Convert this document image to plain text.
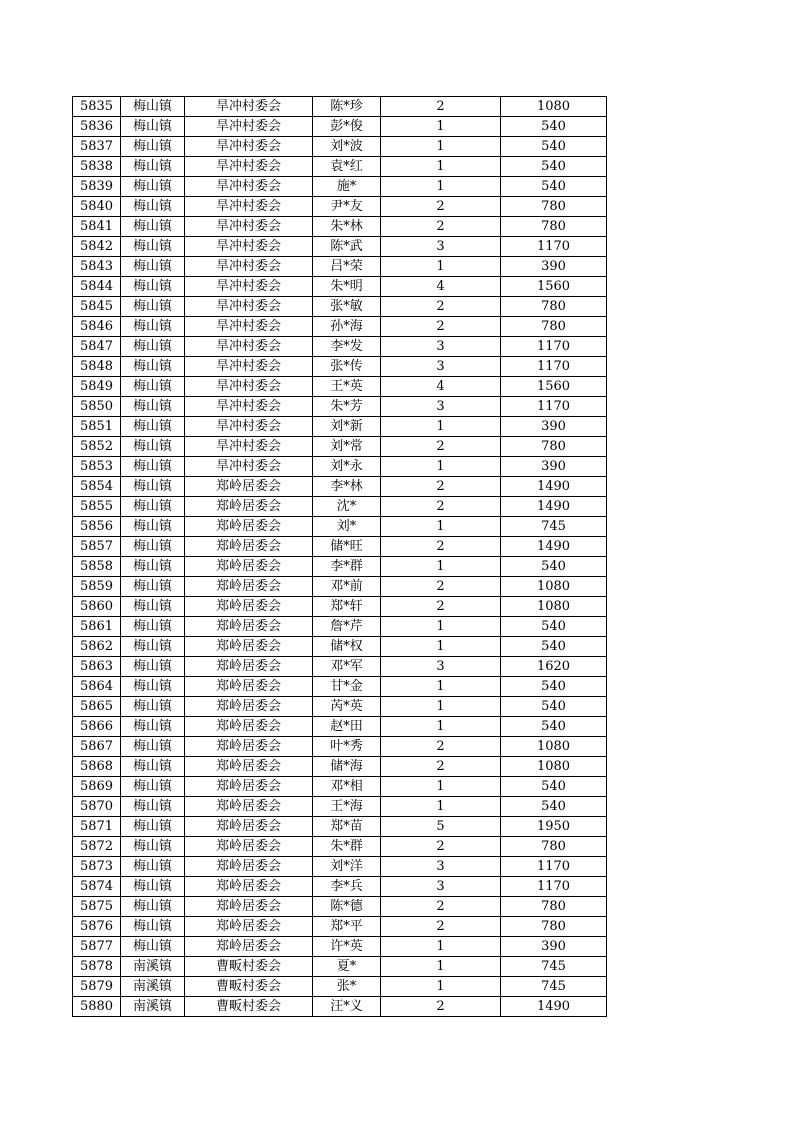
5835	梅山镇	旱冲村委会	陈*珍	2	1080
5836	梅山镇	旱冲村委会	彭*俊	1	540
5837	梅山镇	旱冲村委会	刘*波	1	540
5838	梅山镇	旱冲村委会	袁*红	1	540
5839	梅山镇	旱冲村委会	施*	1	540
5840	梅山镇	旱冲村委会	尹*友	2	780
5841	梅山镇	旱冲村委会	朱*林	2	780
5842	梅山镇	旱冲村委会	陈*武	3	1170
5843	梅山镇	旱冲村委会	吕*荣	1	390
5844	梅山镇	旱冲村委会	朱*明	4	1560
5845	梅山镇	旱冲村委会	张*敏	2	780
5846	梅山镇	旱冲村委会	孙*海	2	780
5847	梅山镇	旱冲村委会	李*发	3	1170
5848	梅山镇	旱冲村委会	张*传	3	1170
5849	梅山镇	旱冲村委会	王*英	4	1560
5850	梅山镇	旱冲村委会	朱*芳	3	1170
5851	梅山镇	旱冲村委会	刘*新	1	390
5852	梅山镇	旱冲村委会	刘*常	2	780
5853	梅山镇	旱冲村委会	刘*永	1	390
5854	梅山镇	郑岭居委会	李*林	2	1490
5855	梅山镇	郑岭居委会	沈*	2	1490
5856	梅山镇	郑岭居委会	刘*	1	745
5857	梅山镇	郑岭居委会	储*旺	2	1490
5858	梅山镇	郑岭居委会	李*群	1	540
5859	梅山镇	郑岭居委会	邓*前	2	1080
5860	梅山镇	郑岭居委会	郑*轩	2	1080
5861	梅山镇	郑岭居委会	詹*芹	1	540
5862	梅山镇	郑岭居委会	储*权	1	540
5863	梅山镇	郑岭居委会	邓*军	3	1620
5864	梅山镇	郑岭居委会	甘*金	1	540
5865	梅山镇	郑岭居委会	芮*英	1	540
5866	梅山镇	郑岭居委会	赵*田	1	540
5867	梅山镇	郑岭居委会	叶*秀	2	1080
5868	梅山镇	郑岭居委会	储*海	2	1080
5869	梅山镇	郑岭居委会	邓*相	1	540
5870	梅山镇	郑岭居委会	王*海	1	540
5871	梅山镇	郑岭居委会	郑*苗	5	1950
5872	梅山镇	郑岭居委会	朱*群	2	780
5873	梅山镇	郑岭居委会	刘*洋	3	1170
5874	梅山镇	郑岭居委会	李*兵	3	1170
5875	梅山镇	郑岭居委会	陈*德	2	780
5876	梅山镇	郑岭居委会	郑*平	2	780
5877	梅山镇	郑岭居委会	许*英	1	390
5878	南溪镇	曹畈村委会	夏*	1	745
5879	南溪镇	曹畈村委会	张*	1	745
5880	南溪镇	曹畈村委会	汪*义	2	1490
